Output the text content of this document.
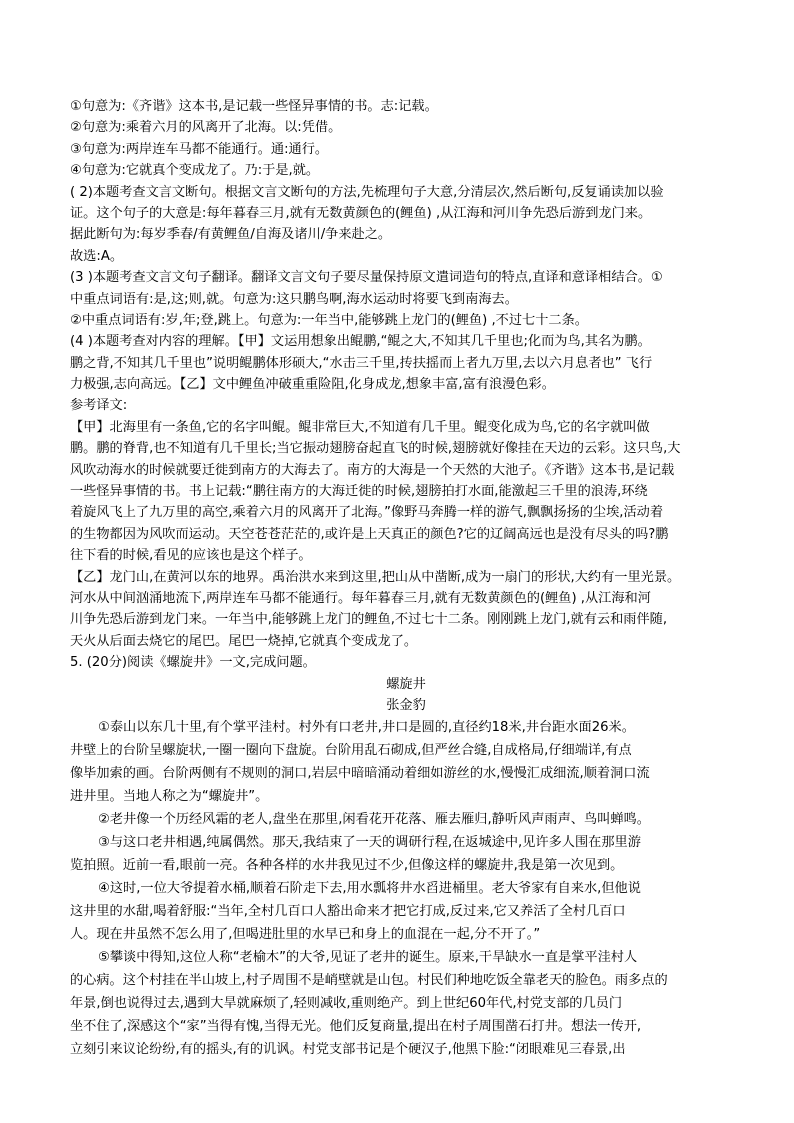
①句意为:《齐谐》这本书,是记载一些怪异事情的书。志:记载。
②句意为:乘着六月的风离开了北海。以:凭借。
③句意为:两岸连车马都不能通行。通:通行。
④句意为:它就真个变成龙了。乃:于是,就。
( 2)本题考查文言文断句。根据文言文断句的方法,先梳理句子大意,分清层次,然后断句,反复诵读加以验
证。这个句子的大意是:每年暮春三月,就有无数黄颜色的(鲤鱼) ,从江海和河川争先恐后游到龙门来。
据此断句为:每岁季春/有黄鲤鱼/自海及诸川/争来赴之。
故选:A。
(3 )本题考查文言文句子翻译。翻译文言文句子要尽量保持原文遣词造句的特点,直译和意译相结合。①
中重点词语有:是,这;则,就。句意为:这只鹏鸟啊,海水运动时将要飞到南海去。
②中重点词语有:岁,年;登,跳上。句意为:一年当中,能够跳上龙门的(鲤鱼) ,不过七十二条。
(4 )本题考查对内容的理解。【甲】文运用想象出鲲鹏,“鲲之大,不知其几千里也;化而为鸟,其名为鹏。
鹏之背,不知其几千里也”说明鲲鹏体形硕大,“水击三千里,抟扶摇而上者九万里,去以六月息者也” 飞行
力极强,志向高远。【乙】文中鲤鱼冲破重重险阻,化身成龙,想象丰富,富有浪漫色彩。
参考译文:
【甲】北海里有一条鱼,它的名字叫鲲。鲲非常巨大,不知道有几千里。鲲变化成为鸟,它的名字就叫做
鹏。鹏的脊背,也不知道有几千里长;当它振动翅膀奋起直飞的时候,翅膀就好像挂在天边的云彩。这只鸟,大
风吹动海水的时候就要迁徙到南方的大海去了。南方的大海是一个天然的大池子。《齐谐》这本书,是记载
一些怪异事情的书。书上记载:“鹏往南方的大海迁徙的时候,翅膀拍打水面,能激起三千里的浪涛,环绕
着旋风飞上了九万里的高空,乘着六月的风离开了北海。”像野马奔腾一样的游气,飘飘扬扬的尘埃,活动着
的生物都因为风吹而运动。天空苍苍茫茫的,或许是上天真正的颜色?它的辽阔高远也是没有尽头的吗?鹏
往下看的时候,看见的应该也是这个样子。
【乙】龙门山,在黄河以东的地界。禹治洪水来到这里,把山从中凿断,成为一扇门的形状,大约有一里光景。
河水从中间汹涌地流下,两岸连车马都不能通行。每年暮春三月,就有无数黄颜色的(鲤鱼) ,从江海和河
川争先恐后游到龙门来。一年当中,能够跳上龙门的鲤鱼,不过七十二条。刚刚跳上龙门,就有云和雨伴随,
天火从后面去烧它的尾巴。尾巴一烧掉,它就真个变成龙了。
5. (20分)阅读《螺旋井》一文,完成问题。
螺旋井
张金豹
①泰山以东几十里,有个掌平洼村。村外有口老井,井口是圆的,直径约18米,井台距水面26米。
井壁上的台阶呈螺旋状,一圈一圈向下盘旋。台阶用乱石砌成,但严丝合缝,自成格局,仔细端详,有点
像毕加索的画。台阶两侧有不规则的洞口,岩层中暗暗涌动着细如游丝的水,慢慢汇成细流,顺着洞口流
进井里。当地人称之为“螺旋井”。
②老井像一个历经风霜的老人,盘坐在那里,闲看花开花落、雁去雁归,静听风声雨声、鸟叫蝉鸣。
③与这口老井相遇,纯属偶然。那天,我结束了一天的调研行程,在返城途中,见许多人围在那里游
览拍照。近前一看,眼前一亮。各种各样的水井我见过不少,但像这样的螺旋井,我是第一次见到。
④这时,一位大爷提着水桶,顺着石阶走下去,用水瓢将井水舀进桶里。老大爷家有自来水,但他说
这井里的水甜,喝着舒服:“当年,全村几百口人豁出命来才把它打成,反过来,它又养活了全村几百口
人。现在井虽然不怎么用了,但喝进肚里的水早已和身上的血混在一起,分不开了。”
⑤攀谈中得知,这位人称“老榆木”的大爷,见证了老井的诞生。原来,干旱缺水一直是掌平洼村人
的心病。这个村挂在半山坡上,村子周围不是峭壁就是山包。村民们种地吃饭全靠老天的脸色。雨多点的
年景,倒也说得过去,遇到大旱就麻烦了,轻则减收,重则绝产。到上世纪60年代,村党支部的几员门
坐不住了,深感这个“家”当得有愧,当得无光。他们反复商量,提出在村子周围凿石打井。想法一传开,
立刻引来议论纷纷,有的摇头,有的讥讽。村党支部书记是个硬汉子,他黑下脸:“闭眼难见三春景,出
